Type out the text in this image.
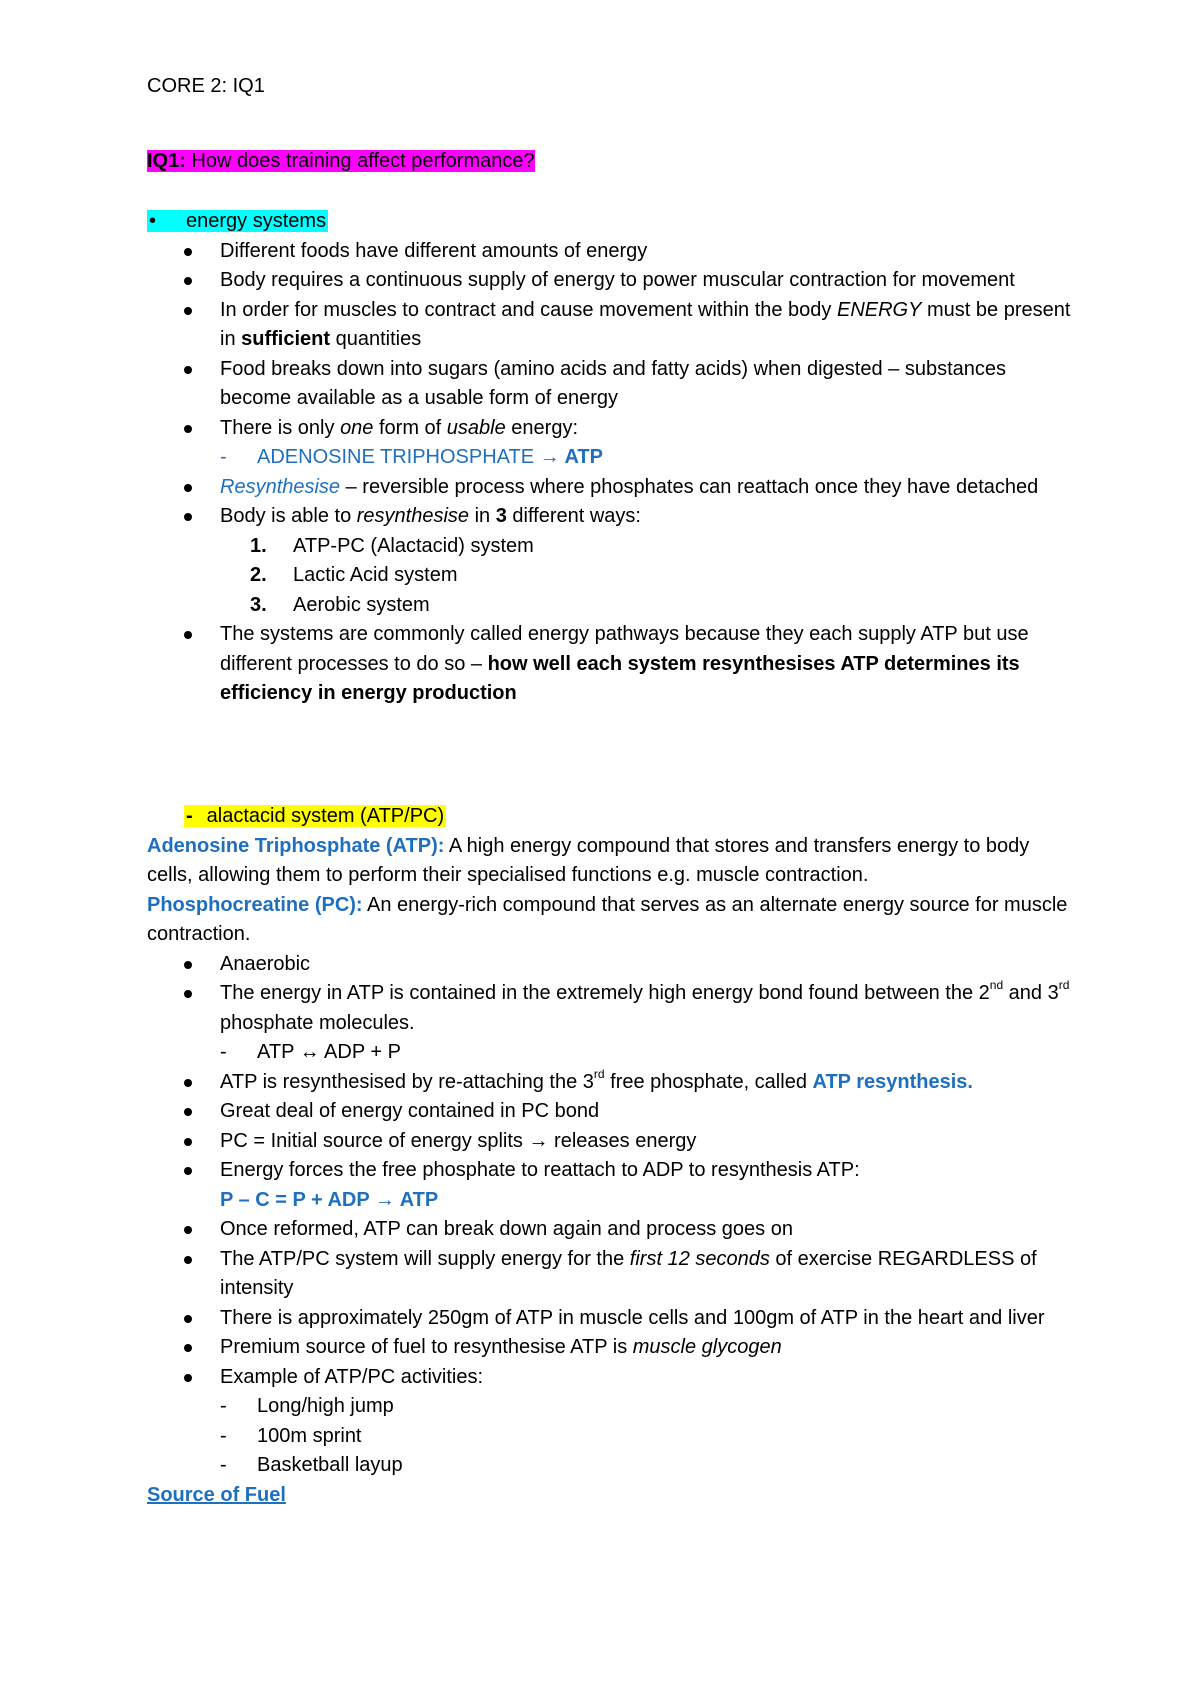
CORE 2: IQ1
IQ1: How does training affect performance?
• energy systems
Different foods have different amounts of energy
Body requires a continuous supply of energy to power muscular contraction for movement
In order for muscles to contract and cause movement within the body ENERGY must be present in sufficient quantities
Food breaks down into sugars (amino acids and fatty acids) when digested – substances become available as a usable form of energy
There is only one form of usable energy:
- ADENOSINE TRIPHOSPHATE → ATP
Resynthesise – reversible process where phosphates can reattach once they have detached
Body is able to resynthesise in 3 different ways:
1. ATP-PC (Alactacid) system
2. Lactic Acid system
3. Aerobic system
The systems are commonly called energy pathways because they each supply ATP but use different processes to do so – how well each system resynthesises ATP determines its efficiency in energy production
- alactacid system (ATP/PC)
Adenosine Triphosphate (ATP): A high energy compound that stores and transfers energy to body cells, allowing them to perform their specialised functions e.g. muscle contraction.
Phosphocreatine (PC): An energy-rich compound that serves as an alternate energy source for muscle contraction.
Anaerobic
The energy in ATP is contained in the extremely high energy bond found between the 2nd and 3rd phosphate molecules.
- ATP ↔ ADP + P
ATP is resynthesised by re-attaching the 3rd free phosphate, called ATP resynthesis.
Great deal of energy contained in PC bond
PC = Initial source of energy splits → releases energy
Energy forces the free phosphate to reattach to ADP to resynthesis ATP:
P – C = P + ADP → ATP
Once reformed, ATP can break down again and process goes on
The ATP/PC system will supply energy for the first 12 seconds of exercise REGARDLESS of intensity
There is approximately 250gm of ATP in muscle cells and 100gm of ATP in the heart and liver
Premium source of fuel to resynthesise ATP is muscle glycogen
Example of ATP/PC activities:
- Long/high jump
- 100m sprint
- Basketball layup
Source of Fuel
